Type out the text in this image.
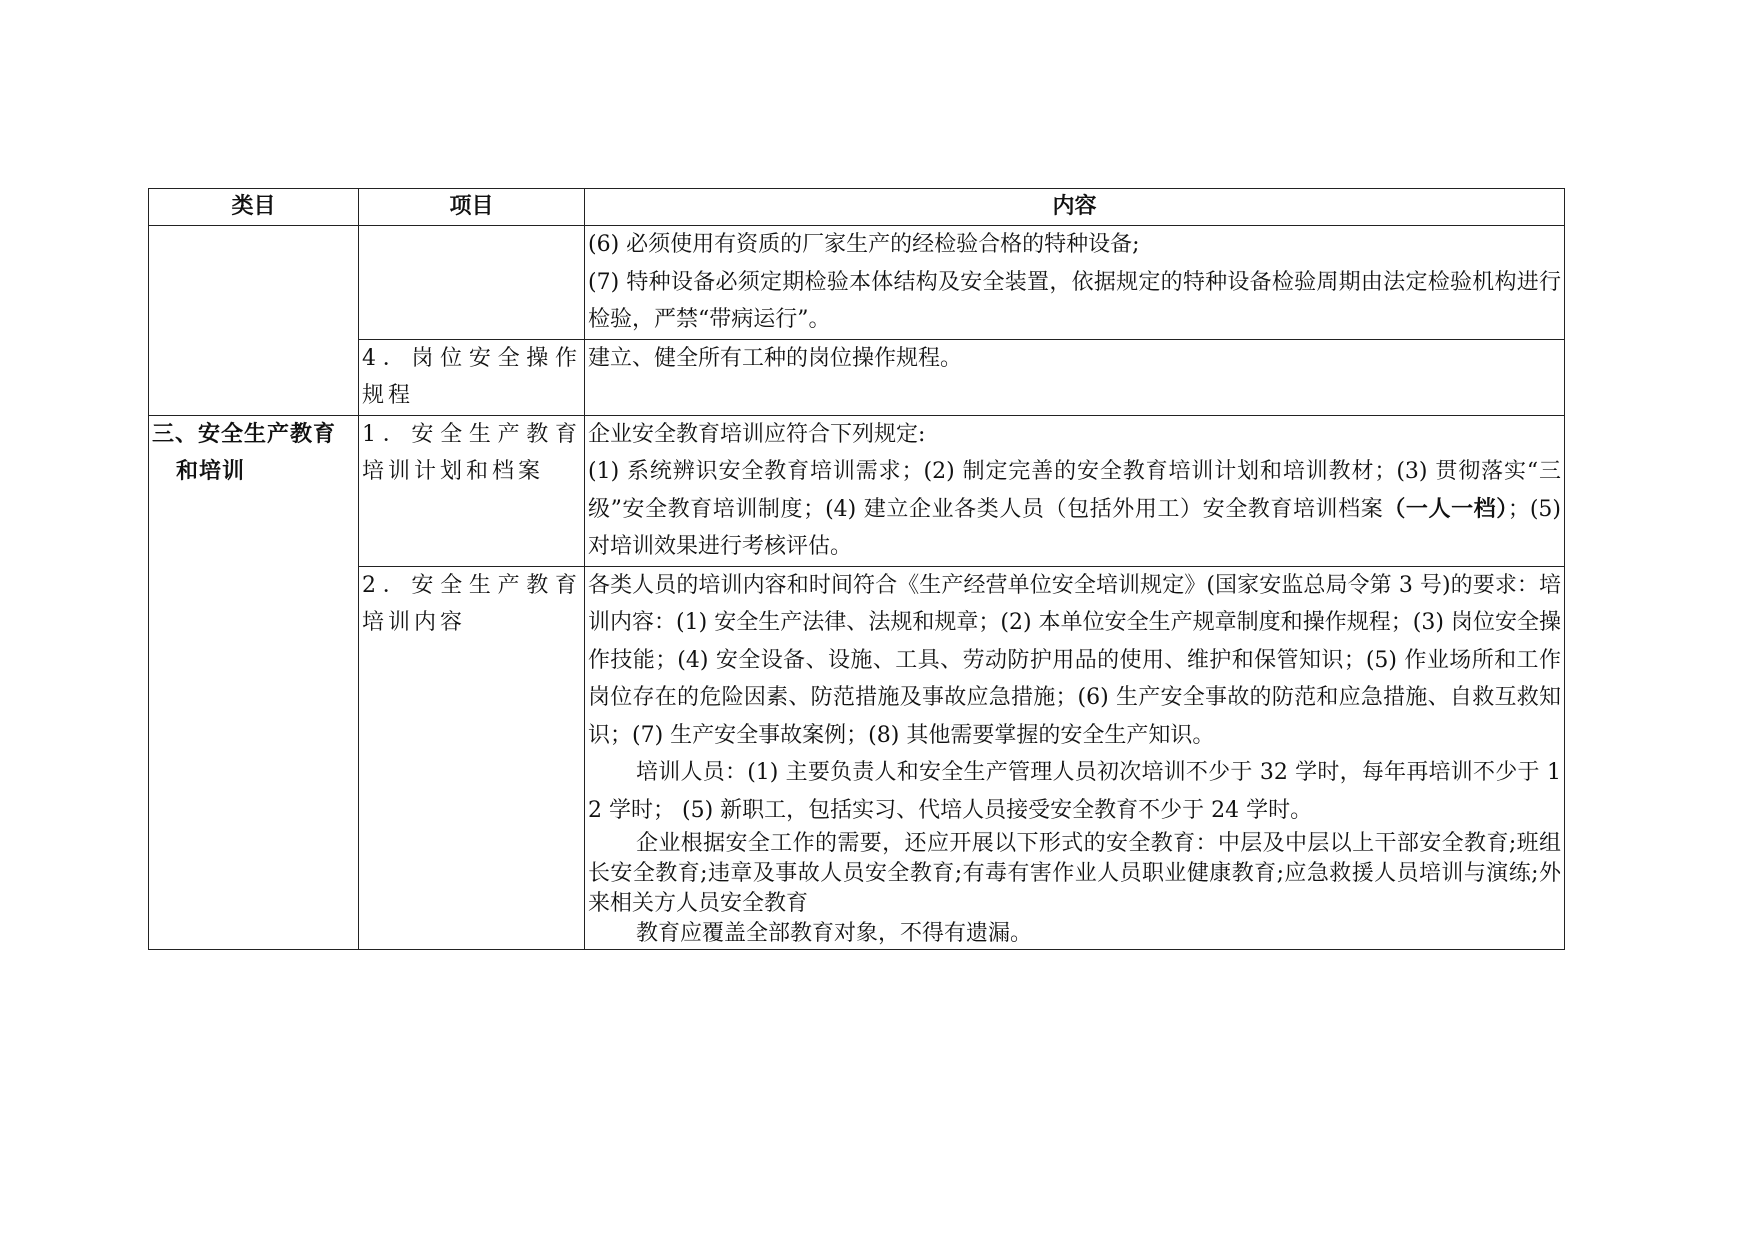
类目	项目	内容

		(6) 必须使用有资质的厂家生产的经检验合格的特种设备;
(7) 特种设备必须定期检验本体结构及安全装置，依据规定的特种设备检验周期由法定检验机构进行检验，严禁“带病运行”。

	4．岗位安全操作规程	建立、健全所有工种的岗位操作规程。

三、安全生产教育
和培训	1．安全生产教育培训计划和档案	企业安全教育培训应符合下列规定:
(1) 系统辨识安全教育培训需求；(2) 制定完善的安全教育培训计划和培训教材；(3) 贯彻落实“三级”安全教育培训制度；(4) 建立企业各类人员（包括外用工）安全教育培训档案（一人一档）；(5) 对培训效果进行考核评估。

	2．安全生产教育培训内容	各类人员的培训内容和时间符合《生产经营单位安全培训规定》(国家安监总局令第 3 号)的要求：培训内容：(1) 安全生产法律、法规和规章；(2) 本单位安全生产规章制度和操作规程；(3) 岗位安全操作技能；(4) 安全设备、设施、工具、劳动防护用品的使用、维护和保管知识；(5) 作业场所和工作岗位存在的危险因素、防范措施及事故应急措施；(6) 生产安全事故的防范和应急措施、自救互救知识；(7) 生产安全事故案例；(8) 其他需要掌握的安全生产知识。
培训人员：(1) 主要负责人和安全生产管理人员初次培训不少于 32 学时，每年再培训不少于 12 学时； (5) 新职工，包括实习、代培人员接受安全教育不少于 24 学时。
企业根据安全工作的需要，还应开展以下形式的安全教育：中层及中层以上干部安全教育;班组长安全教育;违章及事故人员安全教育;有毒有害作业人员职业健康教育;应急救援人员培训与演练;外来相关方人员安全教育
教育应覆盖全部教育对象，不得有遗漏。
